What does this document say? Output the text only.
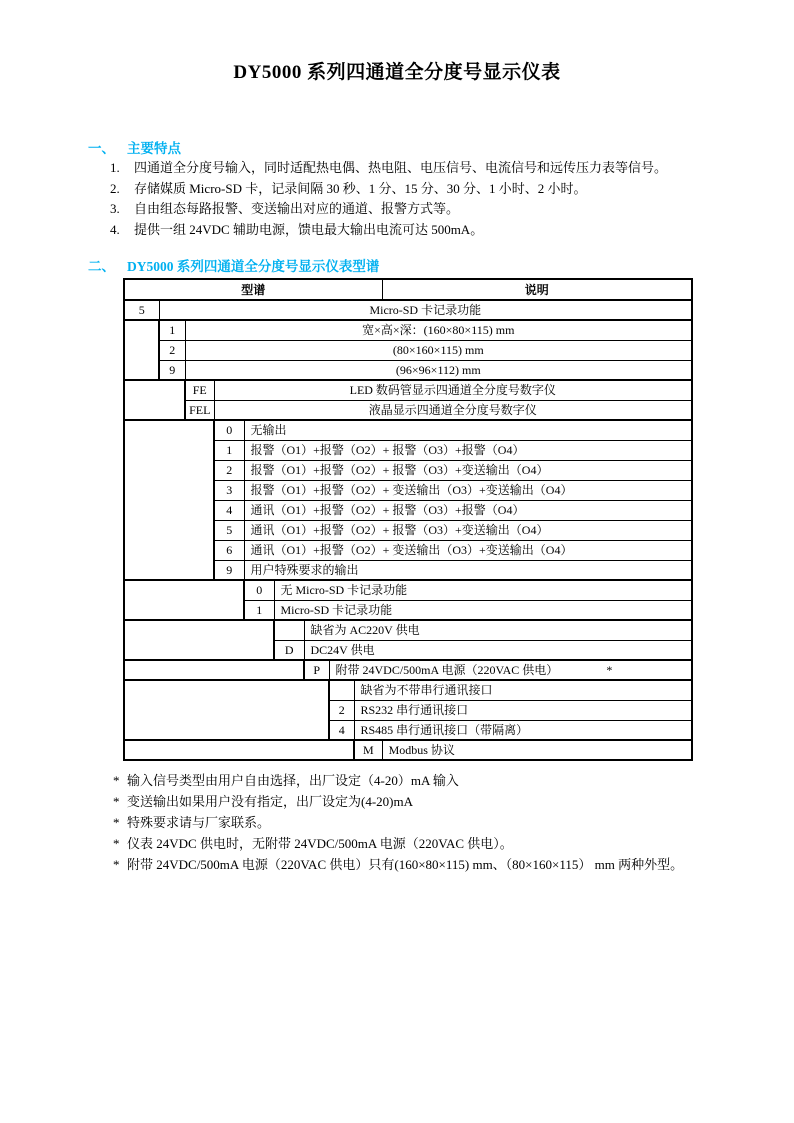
DY5000 系列四通道全分度号显示仪表
一、 主要特点
1. 四通道全分度号输入，同时适配热电偶、热电阻、电压信号、电流信号和远传压力表等信号。
2. 存储媒质 Micro-SD 卡，记录间隔 30 秒、1 分、15 分、30 分、1 小时、2 小时。
3. 自由组态每路报警、变送输出对应的通道、报警方式等。
4. 提供一组 24VDC 辅助电源，馈电最大输出电流可达 500mA。
二、 DY5000 系列四通道全分度号显示仪表型谱
型谱									说明
5	Micro-SD 卡记录功能								
	1	宽×高×深：(160×80×115) mm							
	2	(80×160×115) mm							
	9	(96×96×112) mm							
		FE	LED 数码管显示四通道全分度号数字仪						
		FEL	液晶显示四通道全分度号数字仪						
			0	无输出					
			1	报警（O1）+报警（O2）+ 报警（O3）+报警（O4）					
			2	报警（O1）+报警（O2）+ 报警（O3）+变送输出（O4）					
			3	报警（O1）+报警（O2）+ 变送输出（O3）+变送输出（O4）					
			4	通讯（O1）+报警（O2）+ 报警（O3）+报警（O4）					
			5	通讯（O1）+报警（O2）+ 报警（O3）+变送输出（O4）					
			6	通讯（O1）+报警（O2）+ 变送输出（O3）+变送输出（O4）					
			9	用户特殊要求的输出					
				0	无 Micro-SD 卡记录功能				
				1	Micro-SD 卡记录功能				
						缺省为 AC220V 供电			
					D	DC24V 供电			
						P	附带 24VDC/500mA 电源（220VAC 供电） *		
								缺省为不带串行通讯接口	
							2	RS232 串行通讯接口	
							4	RS485 串行通讯接口（带隔离）	
								M	Modbus 协议
* 输入信号类型由用户自由选择，出厂设定（4-20）mA 输入
* 变送输出如果用户没有指定，出厂设定为(4-20)mA
* 特殊要求请与厂家联系。
* 仪表 24VDC 供电时，无附带 24VDC/500mA 电源（220VAC 供电）。
* 附带 24VDC/500mA 电源（220VAC 供电）只有(160×80×115) mm、（80×160×115） mm 两种外型。
